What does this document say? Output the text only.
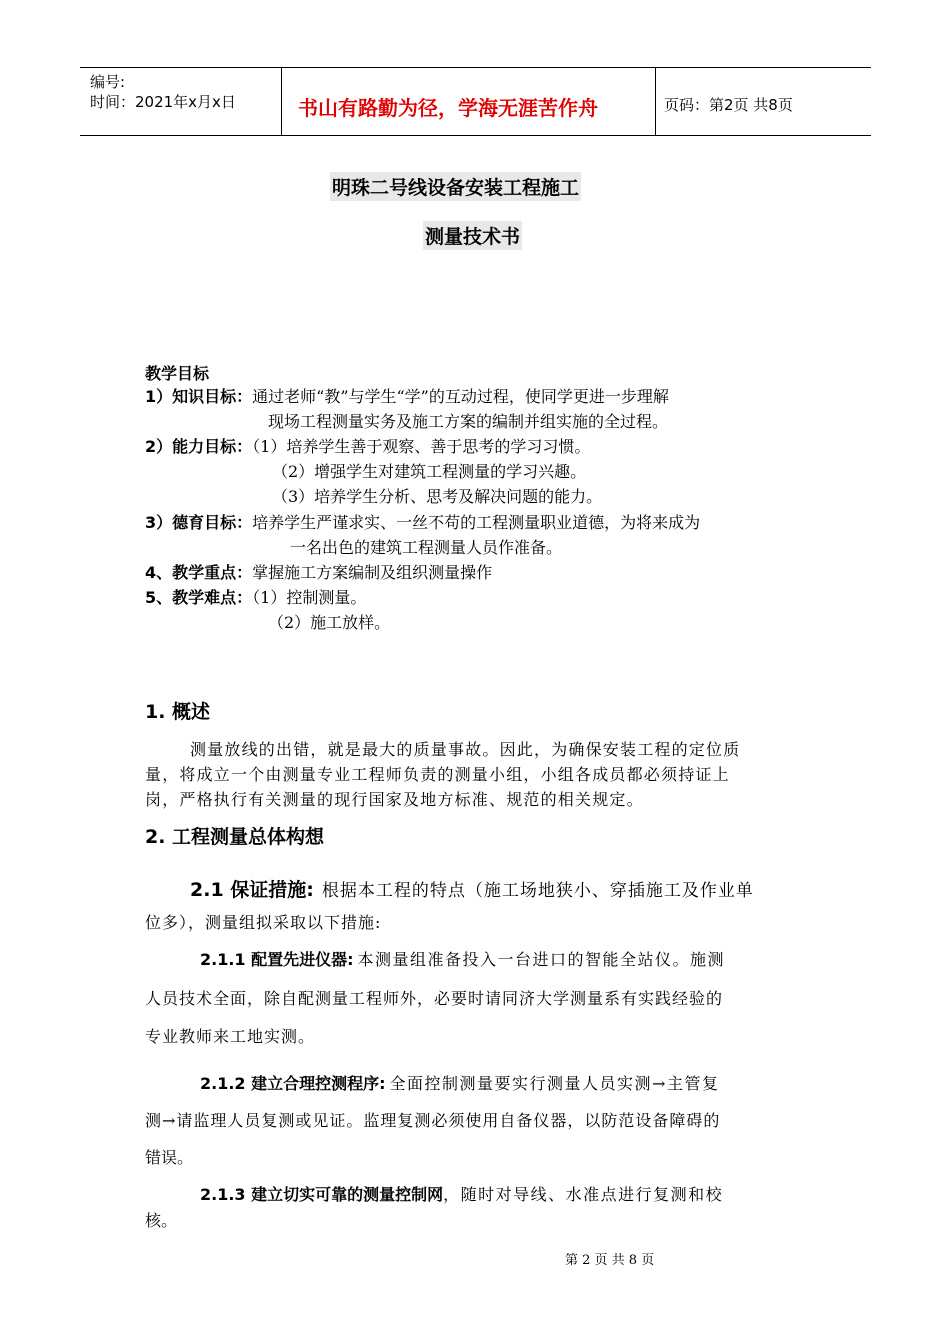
编号:
时间：2021年x月x日	书山有路勤为径，学海无涯苦作舟	页码：第2页 共8页
明珠二号线设备安装工程施工
测量技术书
教学目标
1）知识目标：通过老师“教”与学生“学”的互动过程，使同学更进一步理解
现场工程测量实务及施工方案的编制并组实施的全过程。
2）能力目标：（1）培养学生善于观察、善于思考的学习习惯。
（2）增强学生对建筑工程测量的学习兴趣。
（3）培养学生分析、思考及解决问题的能力。
3）德育目标：培养学生严谨求实、一丝不苟的工程测量职业道德，为将来成为
一名出色的建筑工程测量人员作准备。
4、教学重点：掌握施工方案编制及组织测量操作
5、教学难点：（1）控制测量。
（2）施工放样。
1. 概述
测量放线的出错，就是最大的质量事故。因此，为确保安装工程的定位质
量，将成立一个由测量专业工程师负责的测量小组，小组各成员都必须持证上
岗，严格执行有关测量的现行国家及地方标准、规范的相关规定。
2. 工程测量总体构想
2.1 保证措施: 根据本工程的特点（施工场地狭小、穿插施工及作业单
位多），测量组拟采取以下措施:
2.1.1 配置先进仪器: 本测量组准备投入一台进口的智能全站仪。施测
人员技术全面，除自配测量工程师外，必要时请同济大学测量系有实践经验的
专业教师来工地实测。
2.1.2 建立合理控测程序: 全面控制测量要实行测量人员实测→主管复
测→请监理人员复测或见证。监理复测必须使用自备仪器，以防范设备障碍的
错误。
2.1.3 建立切实可靠的测量控制网，随时对导线、水准点进行复测和校
核。
第 2 页 共 8 页
